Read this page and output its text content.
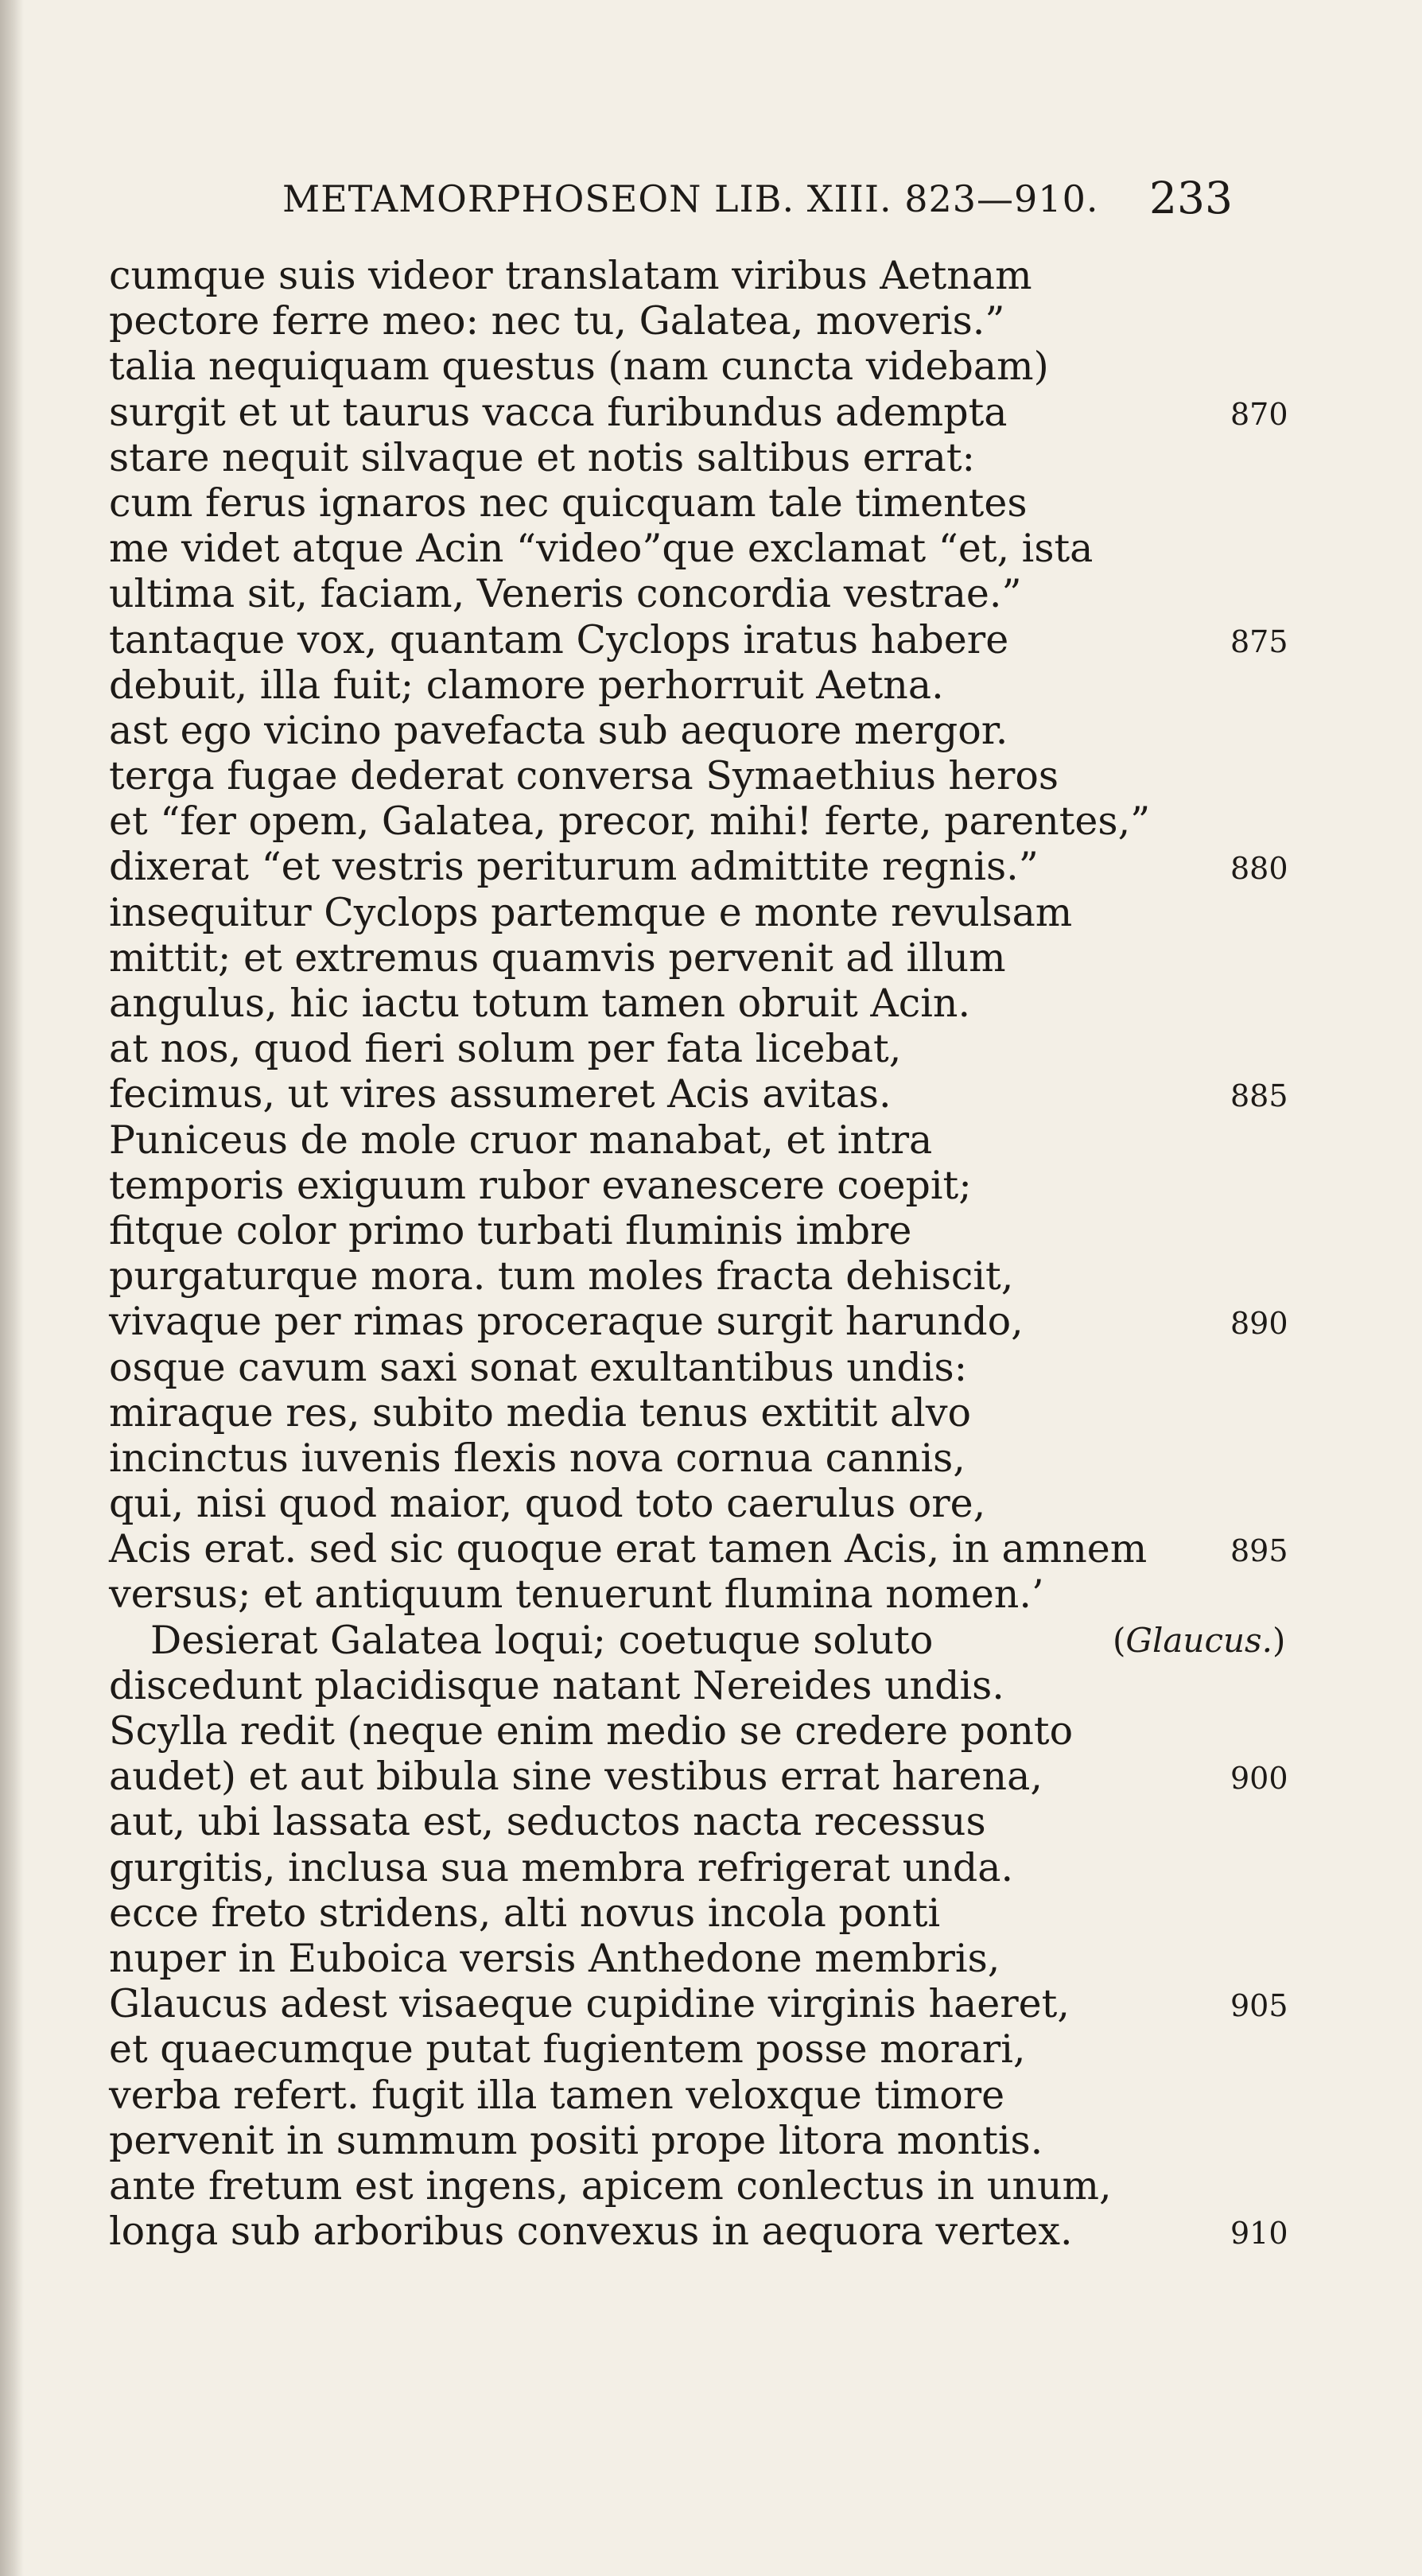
METAMORPHOSEON LIB. XIII. 823—910. 233
cumque suis videor translatam viribus Aetnam
pectore ferre meo: nec tu, Galatea, moveris.”
talia nequiquam questus (nam cuncta videbam)
surgit et ut taurus vacca furibundus adempta	870
stare nequit silvaque et notis saltibus errat:
cum ferus ignaros nec quicquam tale timentes
me videt atque Acin “video”que exclamat “et, ista
ultima sit, faciam, Veneris concordia vestrae.”
tantaque vox, quantam Cyclops iratus habere	875
debuit, illa fuit; clamore perhorruit Aetna.
ast ego vicino pavefacta sub aequore mergor.
terga fugae dederat conversa Symaethius heros
et “fer opem, Galatea, precor, mihi! ferte, parentes,”
dixerat “et vestris periturum admittite regnis.”	880
insequitur Cyclops partemque e monte revulsam
mittit; et extremus quamvis pervenit ad illum
angulus, hic iactu totum tamen obruit Acin.
at nos, quod fieri solum per fata licebat,
fecimus, ut vires assumeret Acis avitas.	885
Puniceus de mole cruor manabat, et intra
temporis exiguum rubor evanescere coepit;
fitque color primo turbati fluminis imbre
purgaturque mora. tum moles fracta dehiscit,
vivaque per rimas proceraque surgit harundo,	890
osque cavum saxi sonat exultantibus undis:
miraque res, subito media tenus extitit alvo
incinctus iuvenis flexis nova cornua cannis,
qui, nisi quod maior, quod toto caerulus ore,
Acis erat. sed sic quoque erat tamen Acis, in amnem	895
versus; et antiquum tenuerunt flumina nomen.’
Desierat Galatea loqui; coetuque soluto	(Glaucus.)
discedunt placidisque natant Nereides undis.
Scylla redit (neque enim medio se credere ponto
audet) et aut bibula sine vestibus errat harena,	900
aut, ubi lassata est, seductos nacta recessus
gurgitis, inclusa sua membra refrigerat unda.
ecce freto stridens, alti novus incola ponti
nuper in Euboica versis Anthedone membris,
Glaucus adest visaeque cupidine virginis haeret,	905
et quaecumque putat fugientem posse morari,
verba refert. fugit illa tamen veloxque timore
pervenit in summum positi prope litora montis.
ante fretum est ingens, apicem conlectus in unum,
longa sub arboribus convexus in aequora vertex.	910
